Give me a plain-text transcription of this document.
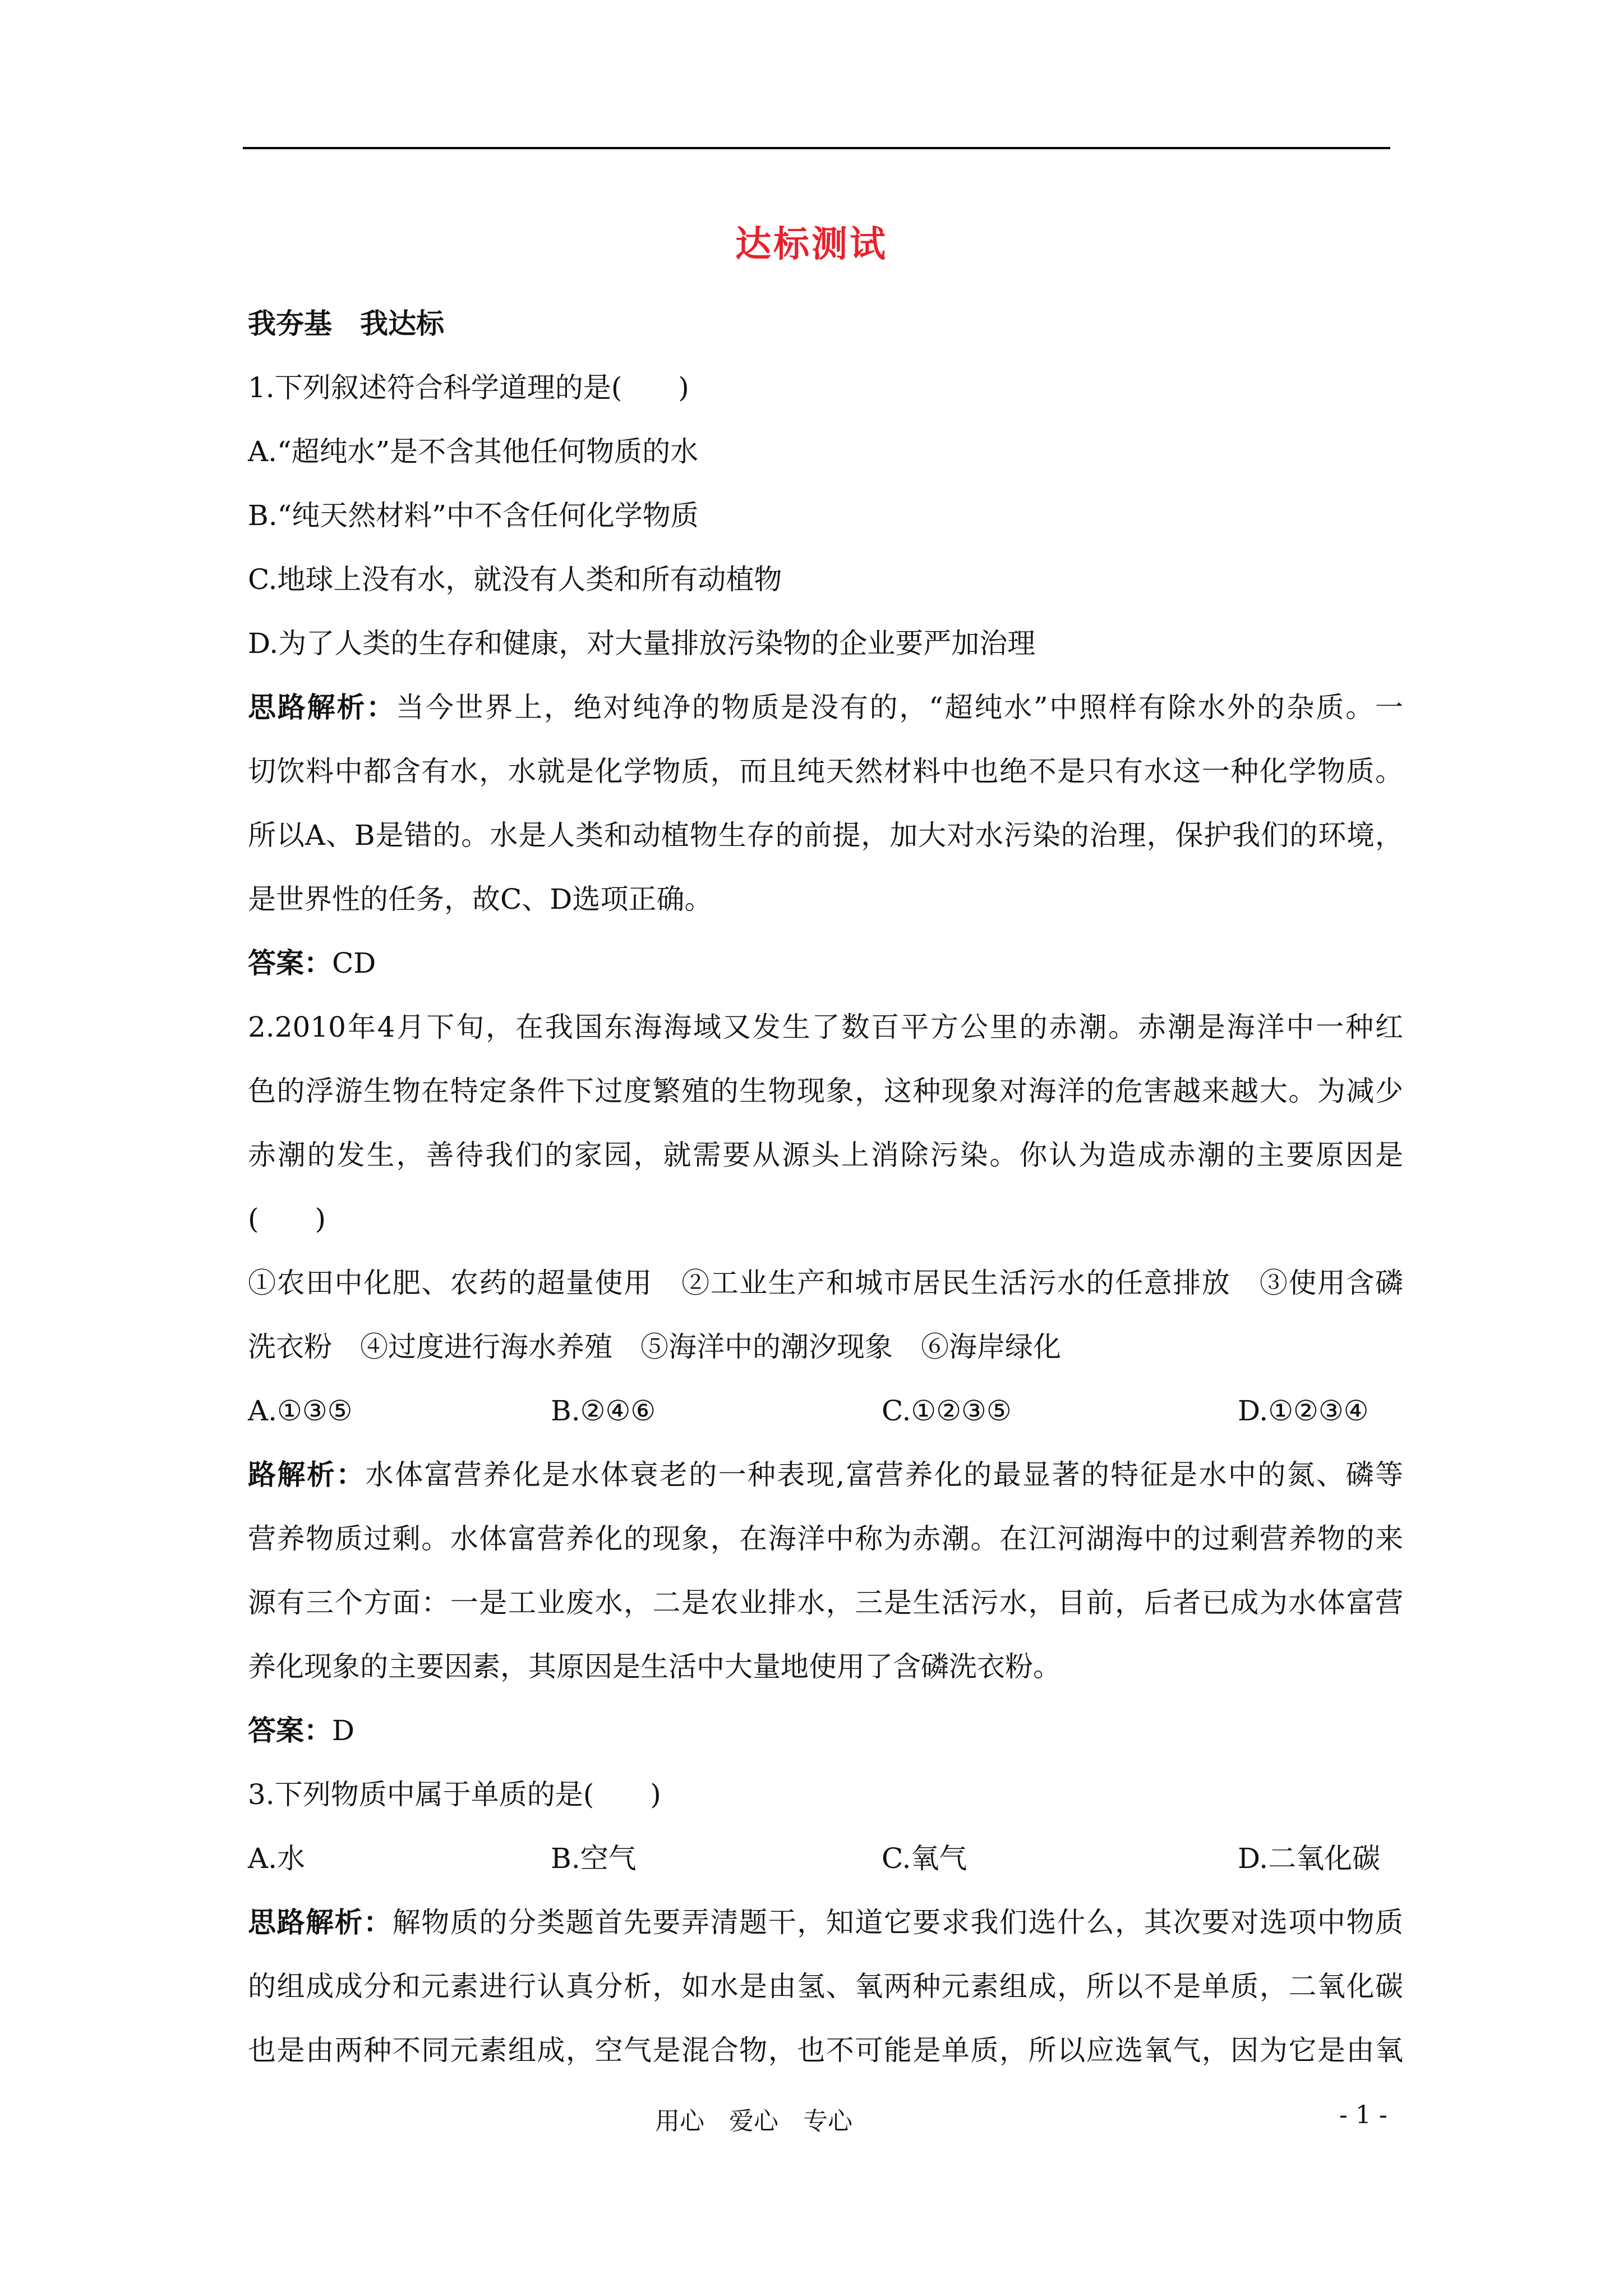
达标测试
我夯基　我达标
1.下列叙述符合科学道理的是(　　)
A.“超纯水”是不含其他任何物质的水
B.“纯天然材料”中不含任何化学物质
C.地球上没有水，就没有人类和所有动植物
D.为了人类的生存和健康，对大量排放污染物的企业要严加治理
思路解析：当今世界上，绝对纯净的物质是没有的，“超纯水”中照样有除水外的杂质。一
切饮料中都含有水，水就是化学物质，而且纯天然材料中也绝不是只有水这一种化学物质。
所以A、B是错的。水是人类和动植物生存的前提，加大对水污染的治理，保护我们的环境，
是世界性的任务，故C、D选项正确。
答案：CD
2.2010年4月下旬，在我国东海海域又发生了数百平方公里的赤潮。赤潮是海洋中一种红
色的浮游生物在特定条件下过度繁殖的生物现象，这种现象对海洋的危害越来越大。为减少
赤潮的发生，善待我们的家园，就需要从源头上消除污染。你认为造成赤潮的主要原因是
(　　)
①农田中化肥、农药的超量使用　②工业生产和城市居民生活污水的任意排放　③使用含磷
洗衣粉　④过度进行海水养殖　⑤海洋中的潮汐现象　⑥海岸绿化
A.①③⑤	B.②④⑥	C.①②③⑤	D.①②③④
路解析：水体富营养化是水体衰老的一种表现,富营养化的最显著的特征是水中的氮、磷等
营养物质过剩。水体富营养化的现象，在海洋中称为赤潮。在江河湖海中的过剩营养物的来
源有三个方面：一是工业废水，二是农业排水，三是生活污水，目前，后者已成为水体富营
养化现象的主要因素，其原因是生活中大量地使用了含磷洗衣粉。
答案：D
3.下列物质中属于单质的是(　　)
A.水	B.空气	C.氧气	D.二氧化碳
思路解析：解物质的分类题首先要弄清题干，知道它要求我们选什么，其次要对选项中物质
的组成成分和元素进行认真分析，如水是由氢、氧两种元素组成，所以不是单质，二氧化碳
也是由两种不同元素组成，空气是混合物，也不可能是单质，所以应选氧气，因为它是由氧
用心　爱心　专心	- 1 -
